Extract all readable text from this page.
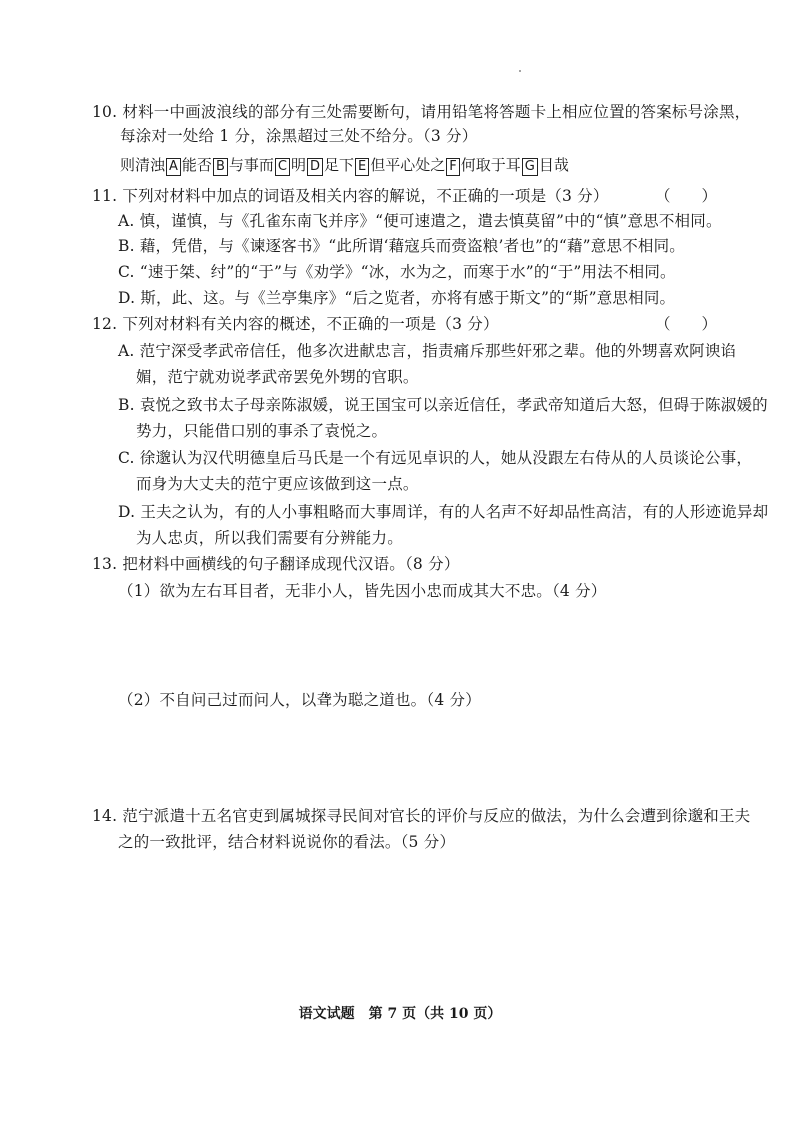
10. 材料一中画波浪线的部分有三处需要断句，请用铅笔将答题卡上相应位置的答案标号涂黑，
每涂对一处给 1 分，涂黑超过三处不给分。（3 分）
则清浊 A 能否 B 与事而 C 明 D 足下 E 但平心处之 F 何取于耳 G 目哉
11. 下列对材料中加点的词语及相关内容的解说，不正确的一项是（3 分）	（　　）
A. 慎，谨慎，与《孔雀东南飞并序》“便可速遣之，遣去慎莫留”中的“慎”意思不相同。
B. 藉，凭借，与《谏逐客书》“此所谓‘藉寇兵而赍盗粮’者也”的“藉”意思不相同。
C. “速于桀、纣”的“于”与《劝学》“冰，水为之，而寒于水”的“于”用法不相同。
D. 斯，此、这。与《兰亭集序》“后之览者，亦将有感于斯文”的“斯”意思相同。
12. 下列对材料有关内容的概述，不正确的一项是（3 分）	（　　）
A. 范宁深受孝武帝信任，他多次进献忠言，指责痛斥那些奸邪之辈。他的外甥喜欢阿谀谄
媚，范宁就劝说孝武帝罢免外甥的官职。
B. 袁悦之致书太子母亲陈淑媛，说王国宝可以亲近信任，孝武帝知道后大怒，但碍于陈淑媛的
势力，只能借口别的事杀了袁悦之。
C. 徐邈认为汉代明德皇后马氏是一个有远见卓识的人，她从没跟左右侍从的人员谈论公事，
而身为大丈夫的范宁更应该做到这一点。
D. 王夫之认为，有的人小事粗略而大事周详，有的人名声不好却品性高洁，有的人形迹诡异却
为人忠贞，所以我们需要有分辨能力。
13. 把材料中画横线的句子翻译成现代汉语。（8 分）
（1）欲为左右耳目者，无非小人，皆先因小忠而成其大不忠。（4 分）
（2）不自问己过而问人，以聋为聪之道也。（4 分）
14. 范宁派遣十五名官吏到属城探寻民间对官长的评价与反应的做法，为什么会遭到徐邈和王夫
之的一致批评，结合材料说说你的看法。（5 分）
语文试题　第 7 页（共 10 页）
